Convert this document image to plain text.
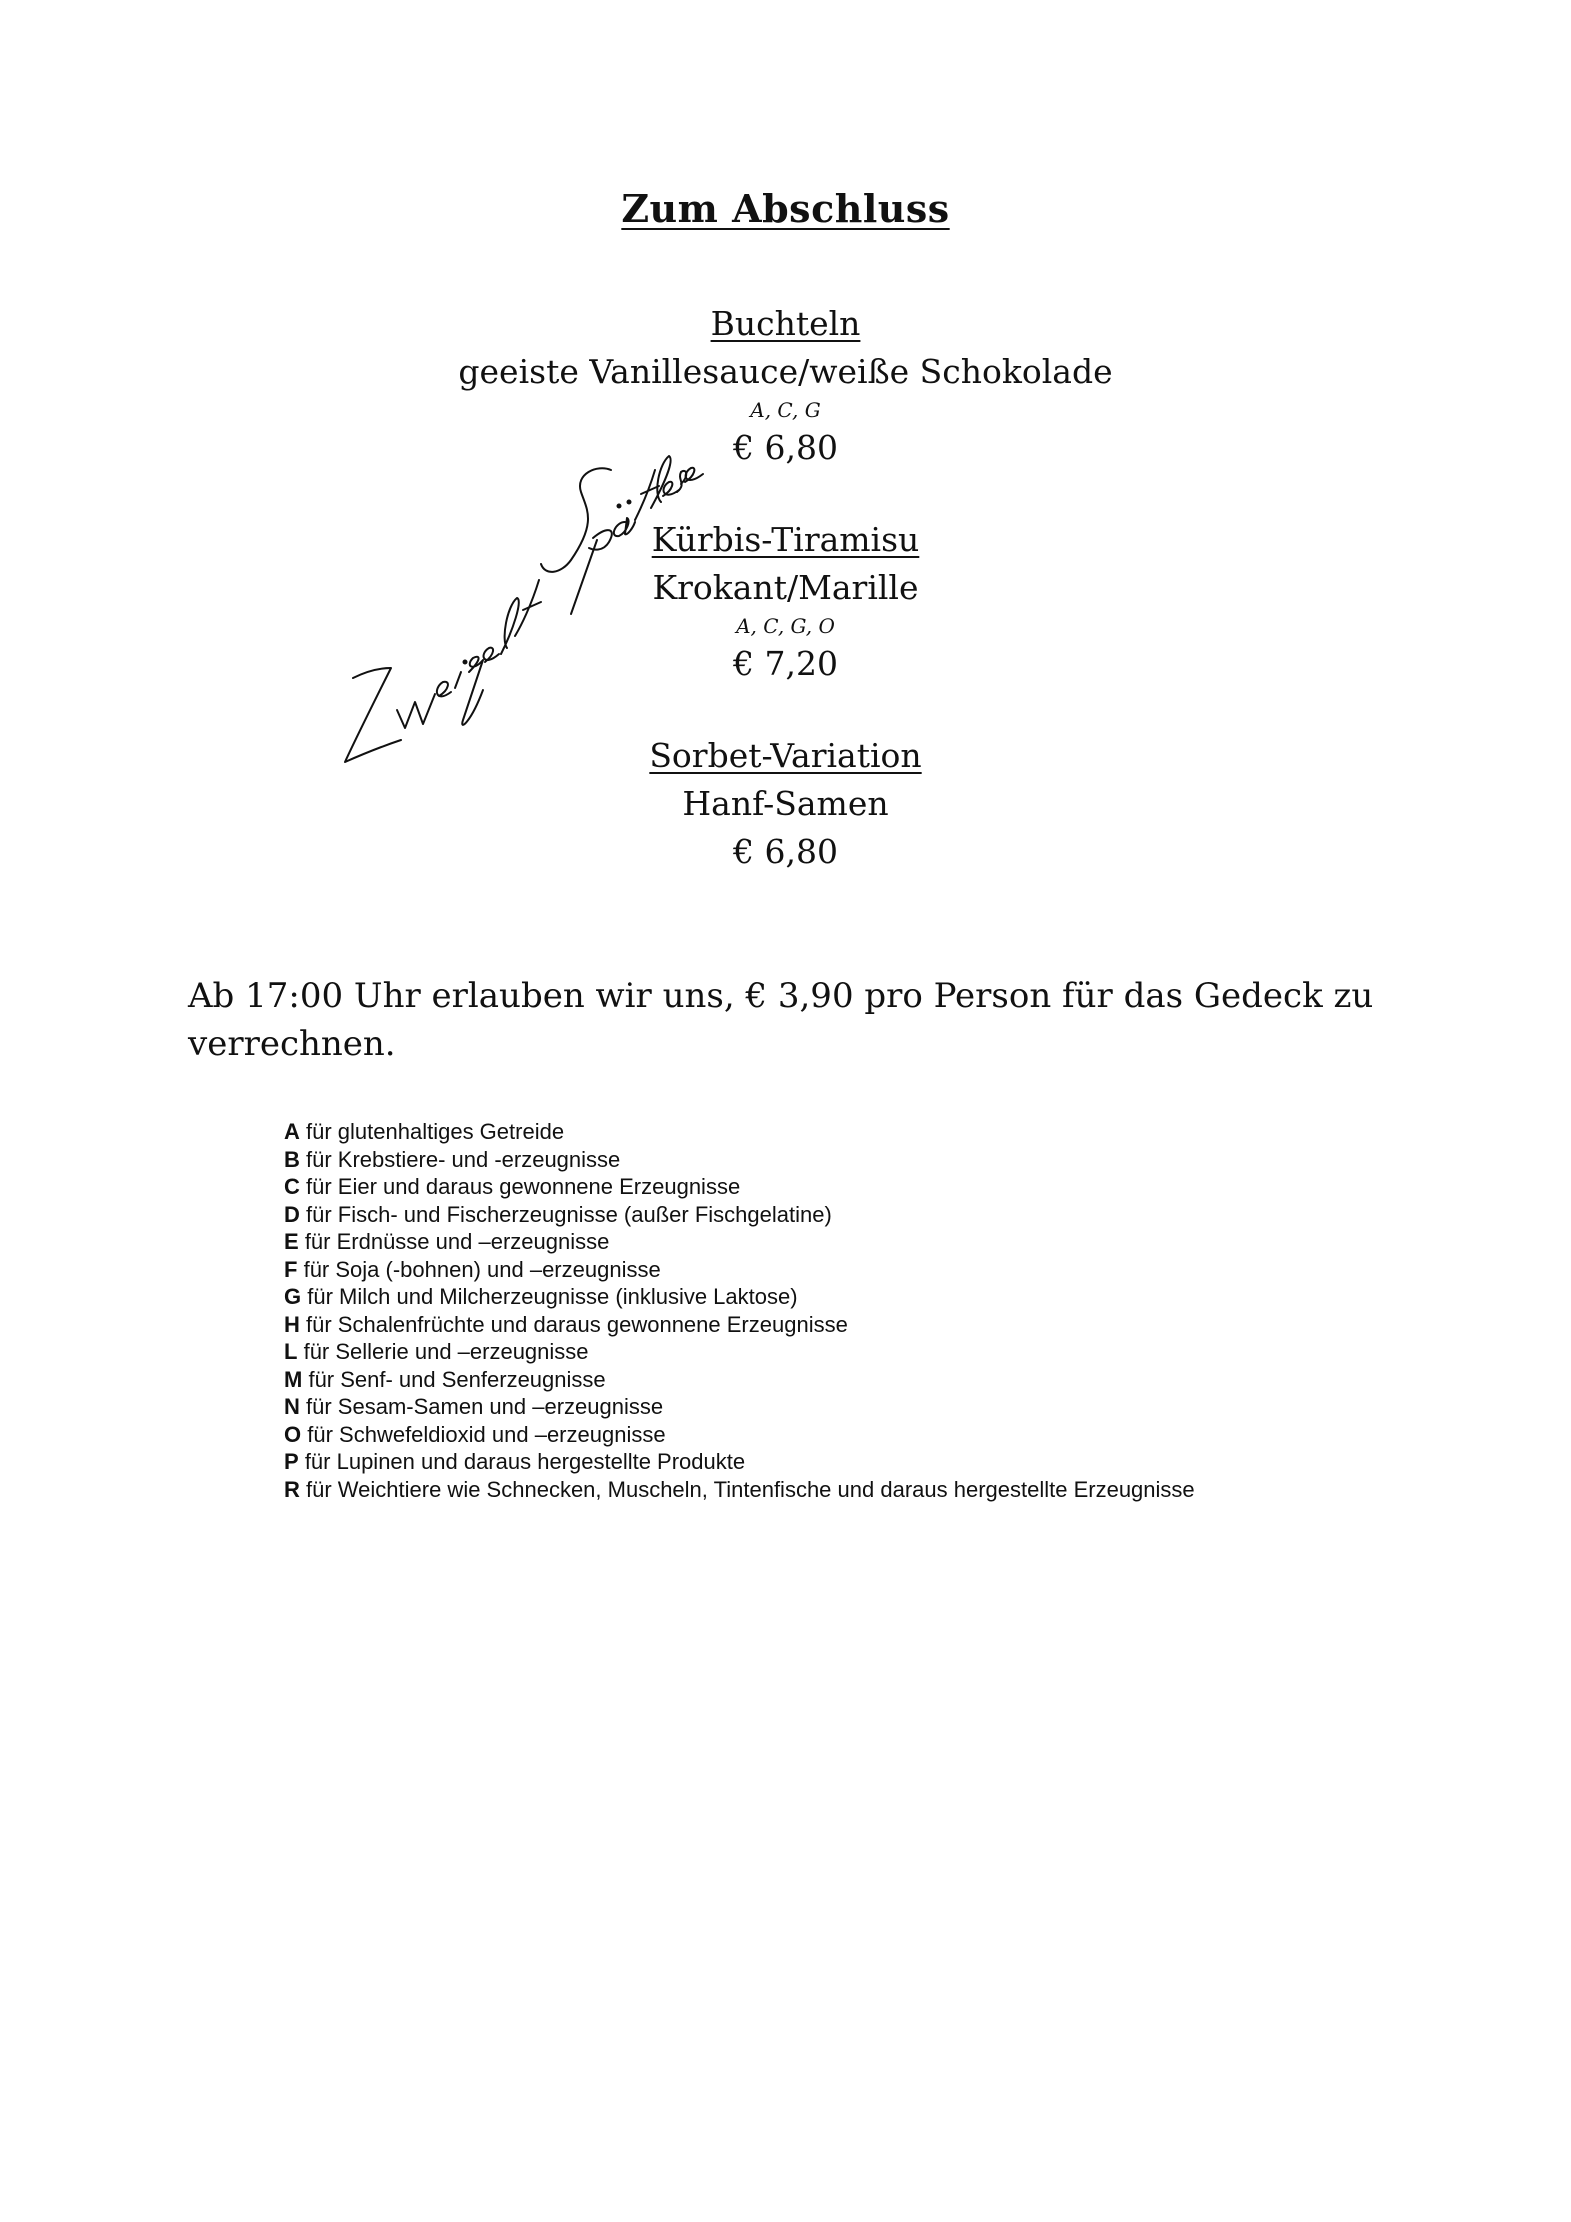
Zum Abschluss
Buchteln
geeiste Vanillesauce/weiße Schokolade
A, C, G
€ 6,80
Kürbis-Tiramisu
Krokant/Marille
A, C, G, O
€ 7,20
Sorbet-Variation
Hanf-Samen
€ 6,80
Ab 17:00 Uhr erlauben wir uns, € 3,90 pro Person für das Gedeck zu verrechnen.
A für glutenhaltiges Getreide
B für Krebstiere- und -erzeugnisse
C für Eier und daraus gewonnene Erzeugnisse
D für Fisch- und Fischerzeugnisse (außer Fischgelatine)
E für Erdnüsse und –erzeugnisse
F für Soja (-bohnen) und –erzeugnisse
G für Milch und Milcherzeugnisse (inklusive Laktose)
H für Schalenfrüchte und daraus gewonnene Erzeugnisse
L für Sellerie und –erzeugnisse
M für Senf- und Senferzeugnisse
N für Sesam-Samen und –erzeugnisse
O für Schwefeldioxid und –erzeugnisse
P für Lupinen und daraus hergestellte Produkte
R für Weichtiere wie Schnecken, Muscheln, Tintenfische und daraus hergestellte Erzeugnisse
